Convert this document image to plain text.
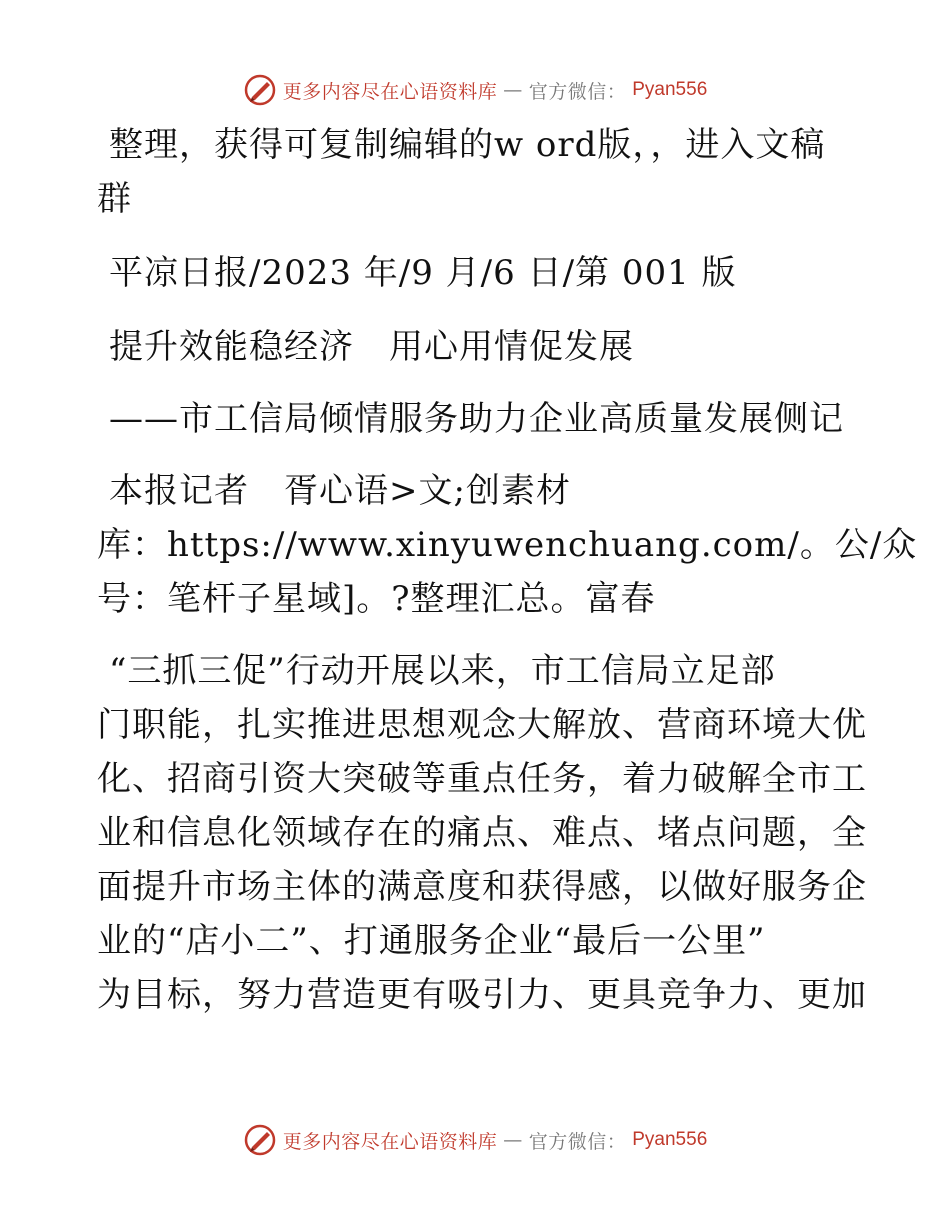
更多内容尽在心语资料库 — 官方微信： Pyan556
整理，获得可复制编辑的w ord版，，进入文稿
群
平凉日报/2023 年/9 月/6 日/第 001 版
提升效能稳经济　用心用情促发展
——市工信局倾情服务助力企业高质量发展侧记
本报记者　胥心语>文;创素材
库：https://www.xinyuwenchuang.com/。公/众
号：笔杆子星域]。?整理汇总。富春
“三抓三促”行动开展以来，市工信局立足部
门职能，扎实推进思想观念大解放、营商环境大优
化、招商引资大突破等重点任务，着力破解全市工
业和信息化领域存在的痛点、难点、堵点问题，全
面提升市场主体的满意度和获得感，以做好服务企
业的“店小二”、打通服务企业“最后一公里”
为目标，努力营造更有吸引力、更具竞争力、更加
更多内容尽在心语资料库 — 官方微信： Pyan556
